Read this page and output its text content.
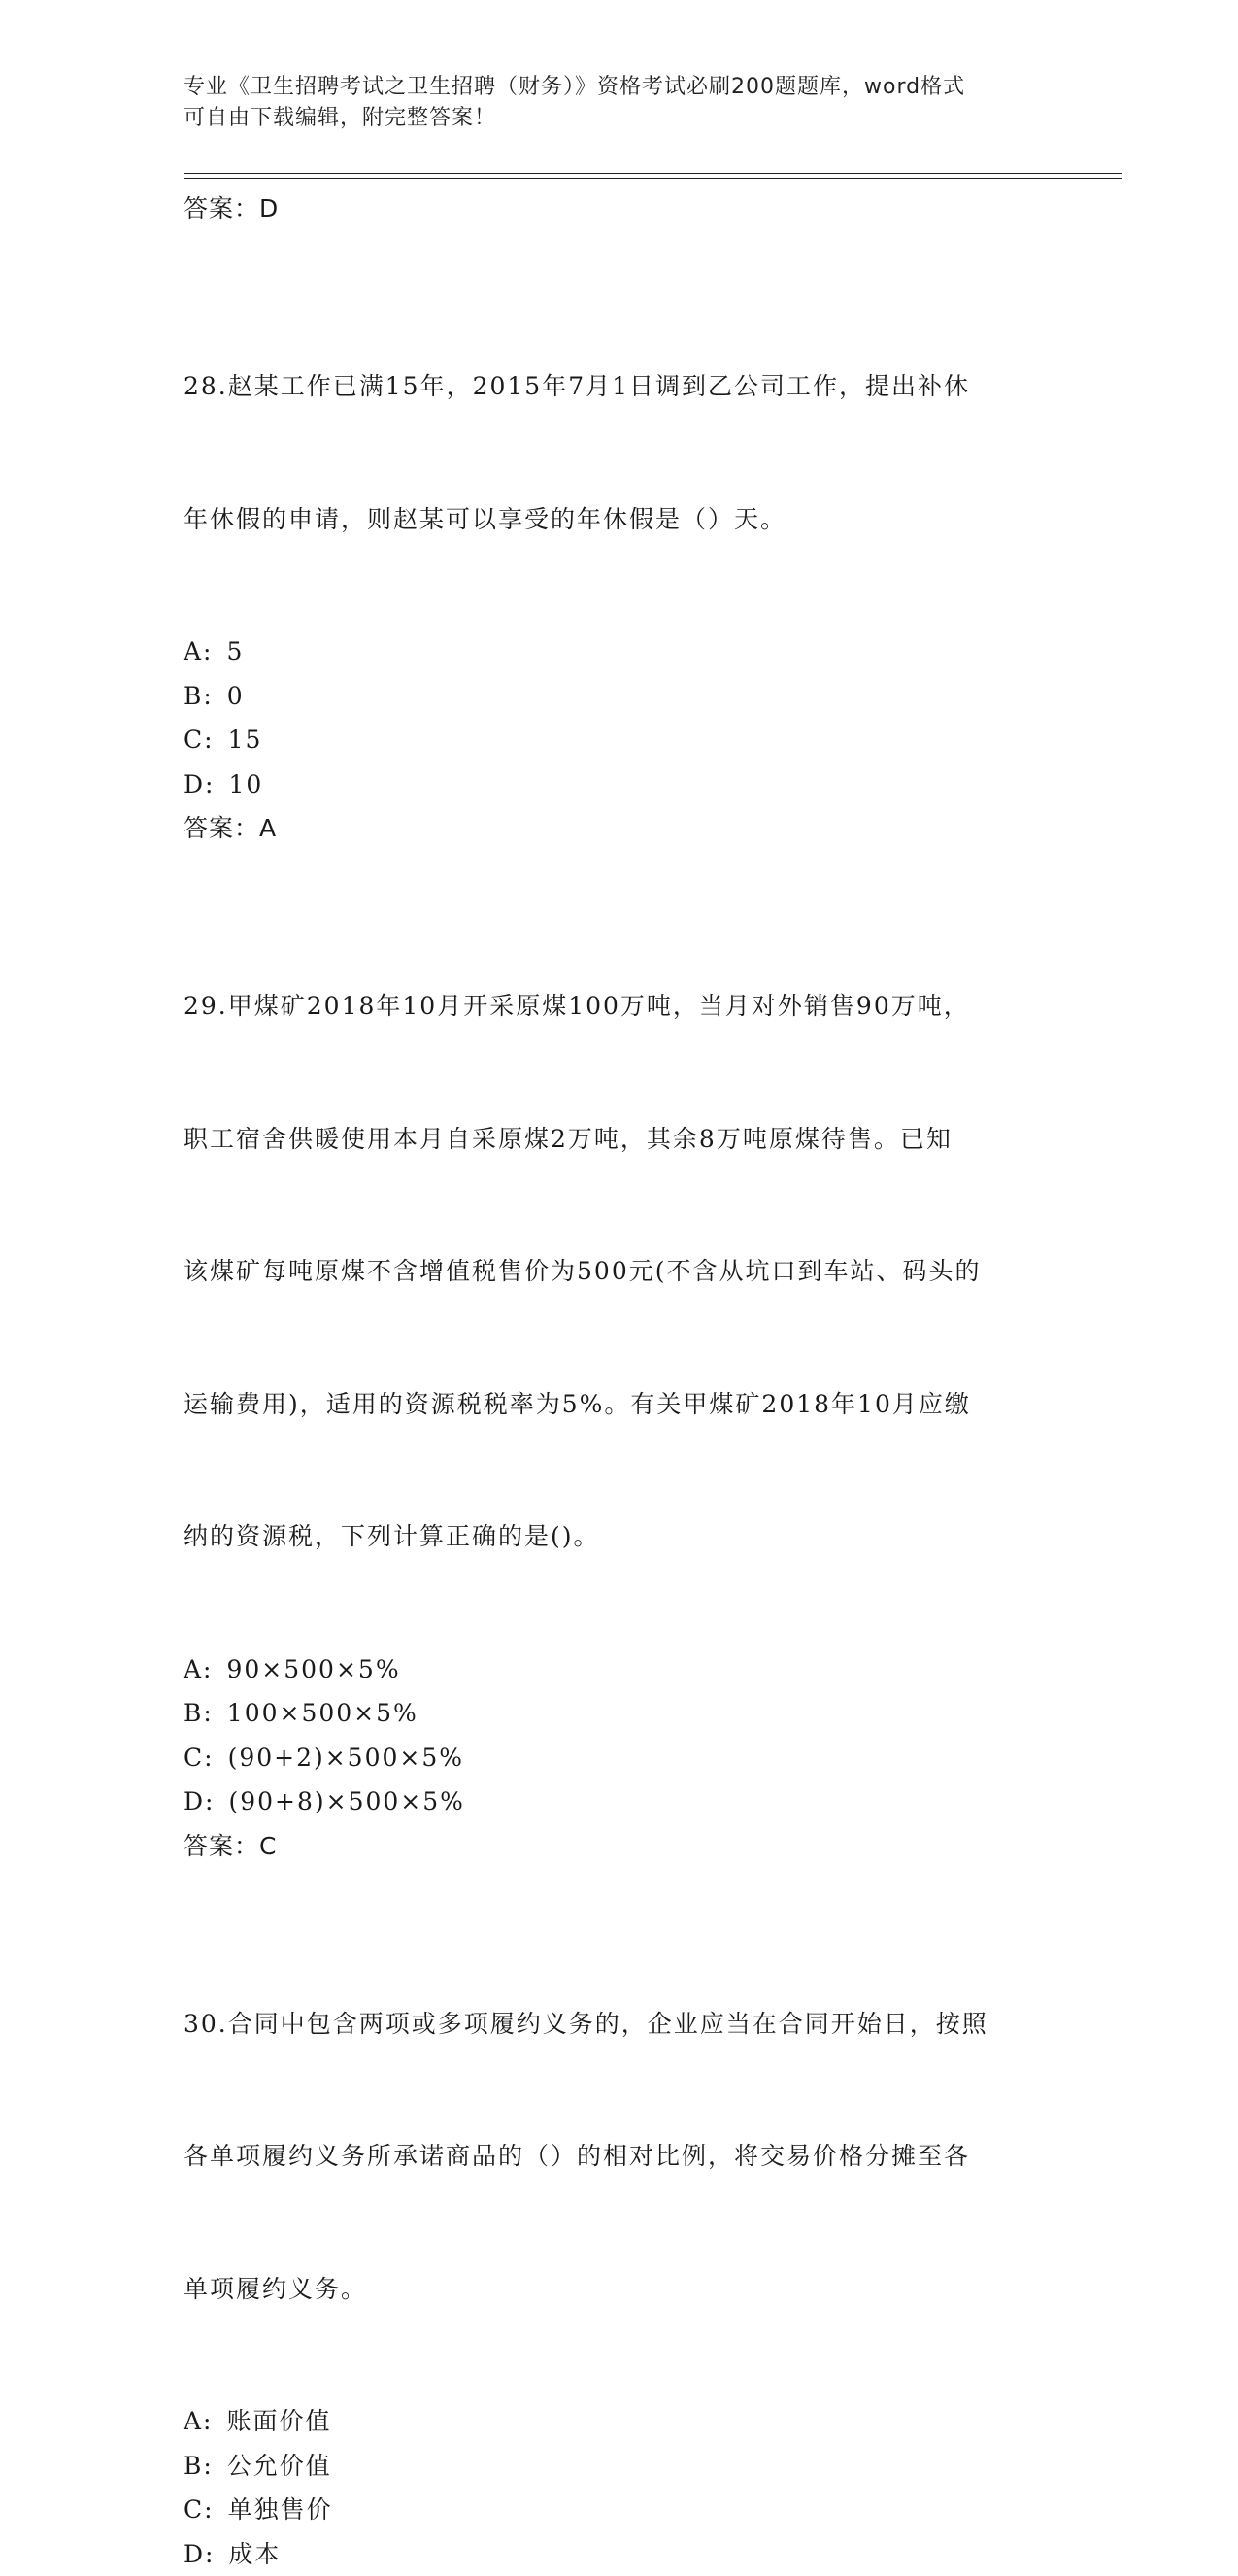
专业《卫生招聘考试之卫生招聘（财务）》资格考试必刷200题题库，word格式
可自由下载编辑，附完整答案！
答案：D

28.赵某工作已满15年，2015年7月1日调到乙公司工作，提出补休

年休假的申请，则赵某可以享受的年休假是（）天。

A: 5
B: 0
C: 15
D: 10
答案：A

29.甲煤矿2018年10月开采原煤100万吨，当月对外销售90万吨，

职工宿舍供暖使用本月自采原煤2万吨，其余8万吨原煤待售。已知

该煤矿每吨原煤不含增值税售价为500元(不含从坑口到车站、码头的

运输费用)，适用的资源税税率为5%。有关甲煤矿2018年10月应缴

纳的资源税，下列计算正确的是()。

A: 90×500×5%
B: 100×500×5%
C: (90+2)×500×5%
D: (90+8)×500×5%
答案：C

30.合同中包含两项或多项履约义务的，企业应当在合同开始日，按照

各单项履约义务所承诺商品的（）的相对比例，将交易价格分摊至各

单项履约义务。

A: 账面价值
B: 公允价值
C: 单独售价
D: 成本
